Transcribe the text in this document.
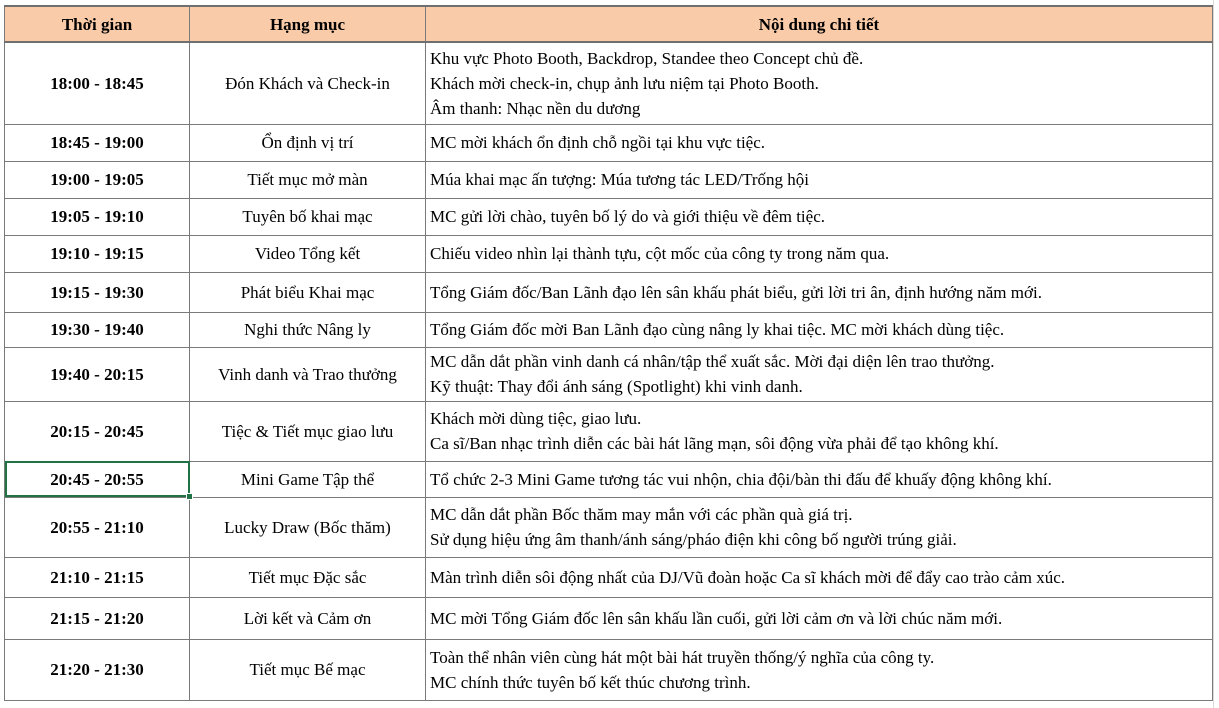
Thời gian	Hạng mục	Nội dung chi tiết
18:00 - 18:45	Đón Khách và Check-in	Khu vực Photo Booth, Backdrop, Standee theo Concept chủ đề.
Khách mời check-in, chụp ảnh lưu niệm tại Photo Booth.
Âm thanh: Nhạc nền du dương

18:45 - 19:00	Ổn định vị trí	MC mời khách ổn định chỗ ngồi tại khu vực tiệc.

19:00 - 19:05	Tiết mục mở màn	Múa khai mạc ấn tượng: Múa tương tác LED/Trống hội

19:05 - 19:10	Tuyên bố khai mạc	MC gửi lời chào, tuyên bố lý do và giới thiệu về đêm tiệc.

19:10 - 19:15	Video Tổng kết	Chiếu video nhìn lại thành tựu, cột mốc của công ty trong năm qua.

19:15 - 19:30	Phát biểu Khai mạc	Tổng Giám đốc/Ban Lãnh đạo lên sân khấu phát biểu, gửi lời tri ân, định hướng năm mới.

19:30 - 19:40	Nghi thức Nâng ly	Tổng Giám đốc mời Ban Lãnh đạo cùng nâng ly khai tiệc. MC mời khách dùng tiệc.

19:40 - 20:15	Vinh danh và Trao thưởng	MC dẫn dắt phần vinh danh cá nhân/tập thể xuất sắc. Mời đại diện lên trao thưởng.
Kỹ thuật: Thay đổi ánh sáng (Spotlight) khi vinh danh.

20:15 - 20:45	Tiệc & Tiết mục giao lưu	Khách mời dùng tiệc, giao lưu.
Ca sĩ/Ban nhạc trình diễn các bài hát lãng mạn, sôi động vừa phải để tạo không khí.

20:45 - 20:55	Mini Game Tập thể	Tổ chức 2-3 Mini Game tương tác vui nhộn, chia đội/bàn thi đấu để khuấy động không khí.

20:55 - 21:10	Lucky Draw (Bốc thăm)	MC dẫn dắt phần Bốc thăm may mắn với các phần quà giá trị.
Sử dụng hiệu ứng âm thanh/ánh sáng/pháo điện khi công bố người trúng giải.

21:10 - 21:15	Tiết mục Đặc sắc	Màn trình diễn sôi động nhất của DJ/Vũ đoàn hoặc Ca sĩ khách mời để đẩy cao trào cảm xúc.

21:15 - 21:20	Lời kết và Cảm ơn	MC mời Tổng Giám đốc lên sân khấu lần cuối, gửi lời cảm ơn và lời chúc năm mới.

21:20 - 21:30	Tiết mục Bế mạc	Toàn thể nhân viên cùng hát một bài hát truyền thống/ý nghĩa của công ty.
MC chính thức tuyên bố kết thúc chương trình.
